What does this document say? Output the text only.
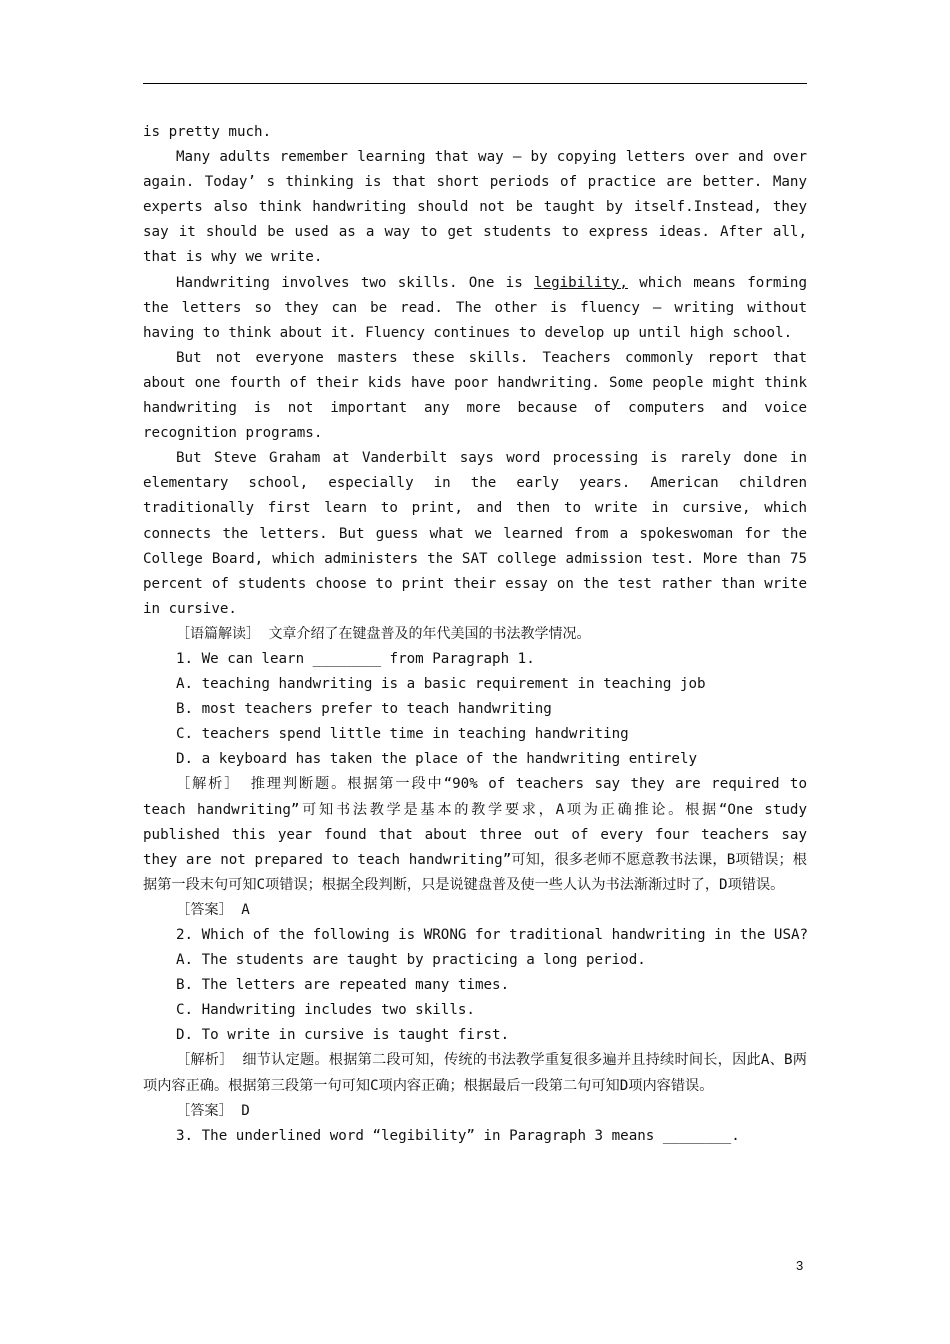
is pretty much.

Many adults remember learning that way — by copying letters over and over again. Today’ s thinking is that short periods of practice are better. Many experts also think handwriting should not be taught by itself.Instead, they say it should be used as a way to get students to express ideas. After all, that is why we write.

Handwriting involves two skills. One is legibility, which means forming the letters so they can be read. The other is fluency — writing without having to think about it. Fluency continues to develop up until high school.

But not everyone masters these skills. Teachers commonly report that about one fourth of their kids have poor handwriting. Some people might think handwriting is not important any more because of computers and voice recognition programs.

But Steve Graham at Vanderbilt says word processing is rarely done in elementary school, especially in the early years. American children traditionally first learn to print, and then to write in cursive, which connects the letters. But guess what we learned from a spokeswoman for the College Board, which administers the SAT college admission test. More than 75 percent of students choose to print their essay on the test rather than write in cursive.

［语篇解读］ 文章介绍了在键盘普及的年代美国的书法教学情况。

1. We can learn ________ from Paragraph 1.

A. teaching handwriting is a basic requirement in teaching job

B. most teachers prefer to teach handwriting

C. teachers spend little time in teaching handwriting

D. a keyboard has taken the place of the handwriting entirely

［解析］ 推理判断题。根据第一段中“90% of teachers say they are required to teach handwriting”可知书法教学是基本的教学要求，A项为正确推论。根据“One study published this year found that about three out of every four teachers say they are not prepared to teach handwriting”可知，很多老师不愿意教书法课，B项错误；根据第一段末句可知C项错误；根据全段判断，只是说键盘普及使一些人认为书法渐渐过时了，D项错误。

［答案］ A

2. Which of the following is WRONG for traditional handwriting in the USA?

A. The students are taught by practicing a long period.

B. The letters are repeated many times.

C. Handwriting includes two skills.

D. To write in cursive is taught first.

［解析］ 细节认定题。根据第二段可知，传统的书法教学重复很多遍并且持续时间长，因此A、B两项内容正确。根据第三段第一句可知C项内容正确；根据最后一段第二句可知D项内容错误。

［答案］ D

3. The underlined word “legibility” in Paragraph 3 means ________.

3
